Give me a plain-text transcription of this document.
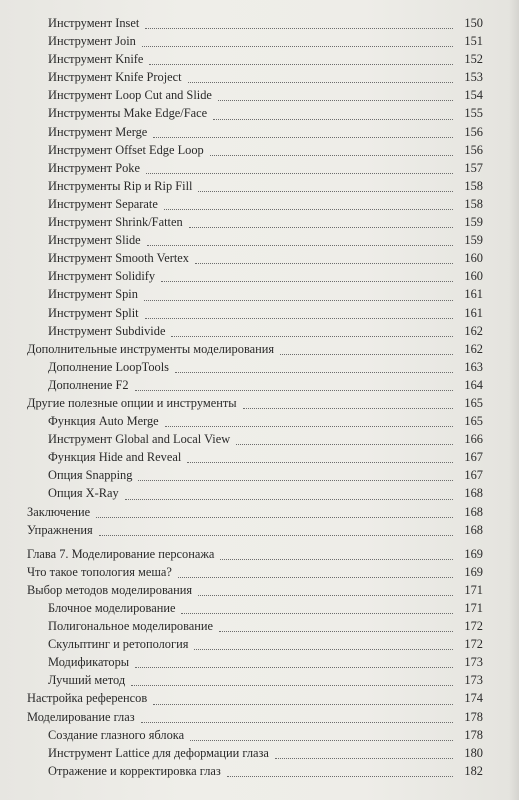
Инструмент Inset	150
Инструмент Join	151
Инструмент Knife	152
Инструмент Knife Project	153
Инструмент Loop Cut and Slide	154
Инструменты Make Edge/Face	155
Инструмент Merge	156
Инструмент Offset Edge Loop	156
Инструмент Poke	157
Инструменты Rip и Rip Fill	158
Инструмент Separate	158
Инструмент Shrink/Fatten	159
Инструмент Slide	159
Инструмент Smooth Vertex	160
Инструмент Solidify	160
Инструмент Spin	161
Инструмент Split	161
Инструмент Subdivide	162
Дополнительные инструменты моделирования	162
Дополнение LoopTools	163
Дополнение F2	164
Другие полезные опции и инструменты	165
Функция Auto Merge	165
Инструмент Global and Local View	166
Функция Hide and Reveal	167
Опция Snapping	167
Опция X-Ray	168
Заключение	168
Упражнения	168
Глава 7. Моделирование персонажа	169
Что такое топология меша?	169
Выбор методов моделирования	171
Блочное моделирование	171
Полигональное моделирование	172
Скульптинг и ретопология	172
Модификаторы	173
Лучший метод	173
Настройка референсов	174
Моделирование глаз	178
Создание глазного яблока	178
Инструмент Lattice для деформации глаза	180
Отражение и корректировка глаз	182
